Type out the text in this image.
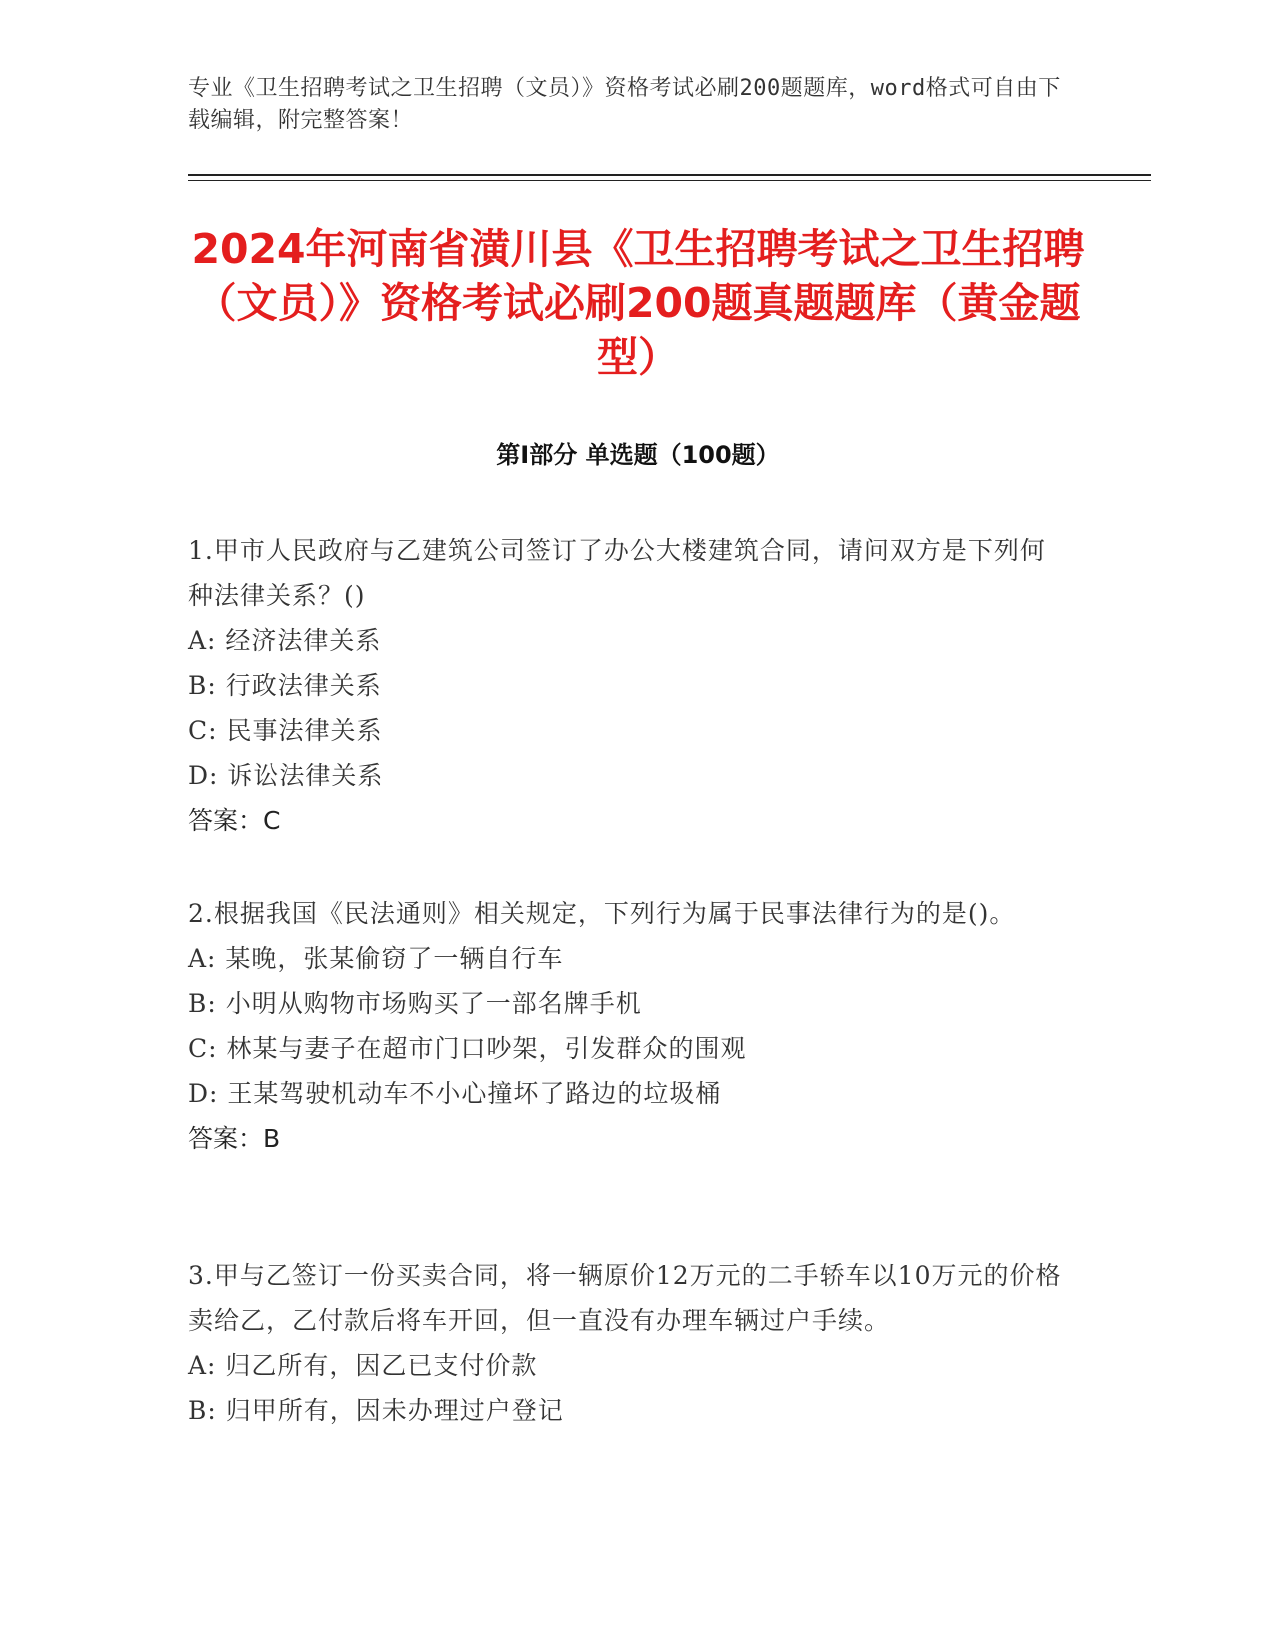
专业《卫生招聘考试之卫生招聘（文员）》资格考试必刷200题题库，word格式可自由下载编辑，附完整答案！
2024年河南省潢川县《卫生招聘考试之卫生招聘（文员）》资格考试必刷200题真题题库（黄金题型）
第Ⅰ部分 单选题（100题）
1.甲市人民政府与乙建筑公司签订了办公大楼建筑合同，请问双方是下列何种法律关系？()
A: 经济法律关系
B: 行政法律关系
C: 民事法律关系
D: 诉讼法律关系
答案：C
2.根据我国《民法通则》相关规定，下列行为属于民事法律行为的是()。
A: 某晚，张某偷窃了一辆自行车
B: 小明从购物市场购买了一部名牌手机
C: 林某与妻子在超市门口吵架，引发群众的围观
D: 王某驾驶机动车不小心撞坏了路边的垃圾桶
答案：B
3.甲与乙签订一份买卖合同，将一辆原价12万元的二手轿车以10万元的价格卖给乙，乙付款后将车开回，但一直没有办理车辆过户手续。
A: 归乙所有，因乙已支付价款
B: 归甲所有，因未办理过户登记
